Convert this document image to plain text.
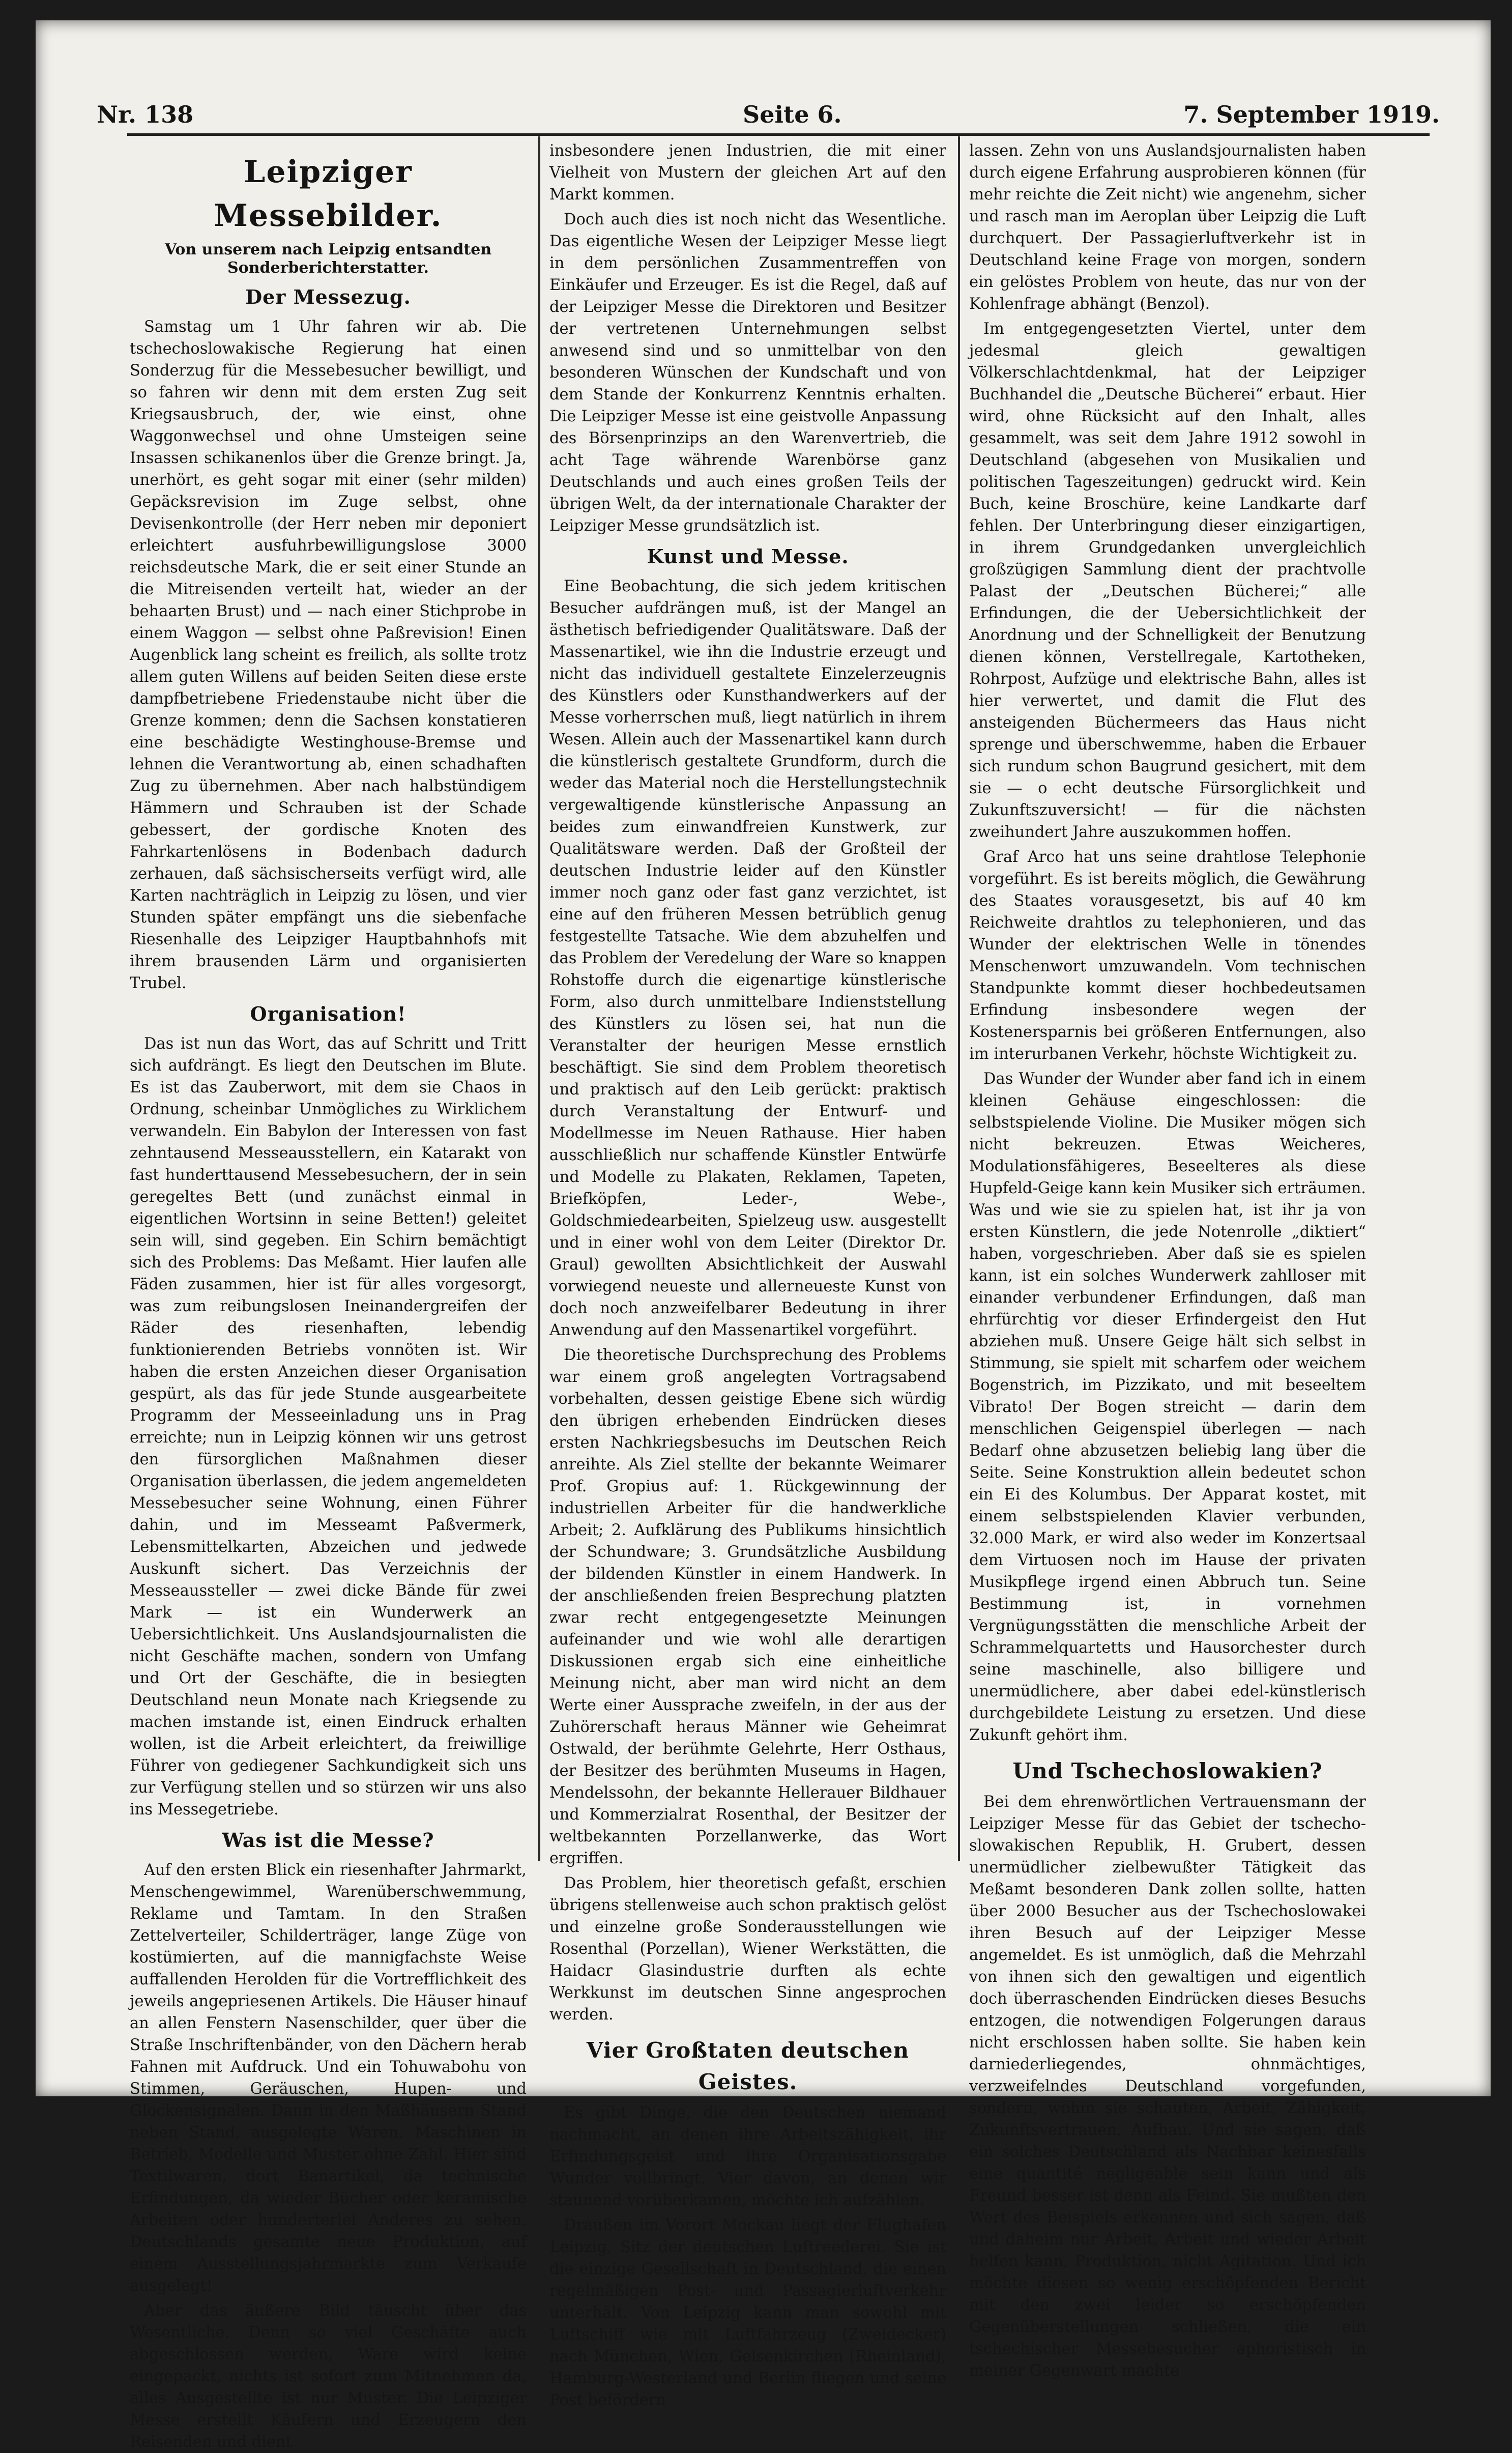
Nr. 138	Seite 6.	7. September 1919.
Leipziger Messebilder.
Von unserem nach Leipzig entsandten Sonderberichterstatter.
Der Messezug.

Samstag um 1 Uhr fahren wir ab. Die tschechoslowakische Regierung hat einen Sonderzug für die Messebesucher bewilligt, und so fahren wir denn mit dem ersten Zug seit Kriegsausbruch, der, wie einst, ohne Waggonwechsel und ohne Umsteigen seine Insassen schikanenlos über die Grenze bringt. Ja, unerhört, es geht sogar mit einer (sehr milden) Gepäcksrevision im Zuge selbst, ohne Devisenkontrolle (der Herr neben mir deponiert erleichtert ausfuhrbewilligungslose 3000 reichsdeutsche Mark, die er seit einer Stunde an die Mitreisenden verteilt hat, wieder an der behaarten Brust) und — nach einer Stichprobe in einem Waggon — selbst ohne Paßrevision! Einen Augenblick lang scheint es freilich, als sollte trotz allem guten Willens auf beiden Seiten diese erste dampfbetriebene Friedenstaube nicht über die Grenze kommen; denn die Sachsen konstatieren eine beschädigte Westinghouse-Bremse und lehnen die Verantwortung ab, einen schadhaften Zug zu übernehmen. Aber nach halbstündigem Hämmern und Schrauben ist der Schade gebessert, der gordische Knoten des Fahrkartenlösens in Bodenbach dadurch zerhauen, daß sächsischerseits verfügt wird, alle Karten nachträglich in Leipzig zu lösen, und vier Stunden später empfängt uns die siebenfache Riesenhalle des Leipziger Hauptbahnhofs mit ihrem brausenden Lärm und organisierten Trubel.

Organisation!

Das ist nun das Wort, das auf Schritt und Tritt sich aufdrängt. Es liegt den Deutschen im Blute. Es ist das Zauberwort, mit dem sie Chaos in Ordnung, scheinbar Unmögliches zu Wirklichem verwandeln. Ein Babylon der Interessen von fast zehntausend Messeausstellern, ein Katarakt von fast hunderttausend Messebesuchern, der in sein geregeltes Bett (und zunächst einmal in eigentlichen Wortsinn in seine Betten!) geleitet sein will, sind gegeben. Ein Schirn bemächtigt sich des Problems: Das Meßamt. Hier laufen alle Fäden zusammen, hier ist für alles vorgesorgt, was zum reibungslosen Ineinandergreifen der Räder des riesenhaften, lebendig funktionierenden Betriebs vonnöten ist. Wir haben die ersten Anzeichen dieser Organisation gespürt, als das für jede Stunde ausgearbeitete Programm der Messeeinladung uns in Prag erreichte; nun in Leipzig können wir uns getrost den fürsorglichen Maßnahmen dieser Organisation überlassen, die jedem angemeldeten Messebesucher seine Wohnung, einen Führer dahin, und im Messeamt Paßvermerk, Lebensmittelkarten, Abzeichen und jedwede Auskunft sichert. Das Verzeichnis der Messeaussteller — zwei dicke Bände für zwei Mark — ist ein Wunderwerk an Uebersichtlichkeit. Uns Auslandsjournalisten die nicht Geschäfte machen, sondern von Umfang und Ort der Geschäfte, die in besiegten Deutschland neun Monate nach Kriegsende zu machen imstande ist, einen Eindruck erhalten wollen, ist die Arbeit erleichtert, da freiwillige Führer von gediegener Sachkundigkeit sich uns zur Verfügung stellen und so stürzen wir uns also ins Messegetriebe.

Was ist die Messe?

Auf den ersten Blick ein riesenhafter Jahrmarkt, Menschengewimmel, Warenüberschwemmung, Reklame und Tamtam. In den Straßen Zettelverteiler, Schilderträger, lange Züge von kostümierten, auf die mannigfachste Weise auffallenden Herolden für die Vortrefflichkeit des jeweils angepriesenen Artikels. Die Häuser hinauf an allen Fenstern Nasenschilder, quer über die Straße Inschriftenbänder, von den Dächern herab Fahnen mit Aufdruck. Und ein Tohuwabohu von Stimmen, Geräuschen, Hupen- und Glockensignalen. Dann in den Maßhäusern Stand neben Stand, ausgelegte Waren, Maschinen in Betrieb, Modelle und Muster ohne Zahl. Hier sind Textilwaren, dort Banartikel, da technische Erfindungen, da wieder Bücher oder keramische Arbeiten oder hunderterlei Anderes zu sehen. Deutschlands gesamte neue Produktion, auf einem Ausstellungsjahrmarkte zum Verkaufe ausgelegt!

Aber das äußere Bild täuscht über das Wesentliche. Denn so viel Geschäfte auch abgeschlossen werden, Ware wird keine eingepackt, nichts ist sofort zum Mitnehmen da, alles Ausgestellte ist nur Muster. Die Leipziger Messe erstellt Käufern und Erzeugern den Reisenden und dient

insbesondere jenen Industrien, die mit einer Vielheit von Mustern der gleichen Art auf den Markt kommen.

Doch auch dies ist noch nicht das Wesentliche. Das eigentliche Wesen der Leipziger Messe liegt in dem persönlichen Zusammentreffen von Einkäufer und Erzeuger. Es ist die Regel, daß auf der Leipziger Messe die Direktoren und Besitzer der vertretenen Unternehmungen selbst anwesend sind und so unmittelbar von den besonderen Wünschen der Kundschaft und von dem Stande der Konkurrenz Kenntnis erhalten. Die Leipziger Messe ist eine geistvolle Anpassung des Börsenprinzips an den Warenvertrieb, die acht Tage währende Warenbörse ganz Deutschlands und auch eines großen Teils der übrigen Welt, da der internationale Charakter der Leipziger Messe grundsätzlich ist.

Kunst und Messe.

Eine Beobachtung, die sich jedem kritischen Besucher aufdrängen muß, ist der Mangel an ästhetisch befriedigender Qualitätsware. Daß der Massenartikel, wie ihn die Industrie erzeugt und nicht das individuell gestaltete Einzelerzeugnis des Künstlers oder Kunsthandwerkers auf der Messe vorherrschen muß, liegt natürlich in ihrem Wesen. Allein auch der Massenartikel kann durch die künstlerisch gestaltete Grundform, durch die weder das Material noch die Herstellungstechnik vergewaltigende künstlerische Anpassung an beides zum einwandfreien Kunstwerk, zur Qualitätsware werden. Daß der Großteil der deutschen Industrie leider auf den Künstler immer noch ganz oder fast ganz verzichtet, ist eine auf den früheren Messen betrüblich genug festgestellte Tatsache. Wie dem abzuhelfen und das Problem der Veredelung der Ware so knappen Rohstoffe durch die eigenartige künstlerische Form, also durch unmittelbare Indienststellung des Künstlers zu lösen sei, hat nun die Veranstalter der heurigen Messe ernstlich beschäftigt. Sie sind dem Problem theoretisch und praktisch auf den Leib gerückt: praktisch durch Veranstaltung der Entwurf- und Modellmesse im Neuen Rathause. Hier haben ausschließlich nur schaffende Künstler Entwürfe und Modelle zu Plakaten, Reklamen, Tapeten, Briefköpfen, Leder-, Webe-, Goldschmiedearbeiten, Spielzeug usw. ausgestellt und in einer wohl von dem Leiter (Direktor Dr. Graul) gewollten Absichtlichkeit der Auswahl vorwiegend neueste und allerneueste Kunst von doch noch anzweifelbarer Bedeutung in ihrer Anwendung auf den Massenartikel vorgeführt.

Die theoretische Durchsprechung des Problems war einem groß angelegten Vortragsabend vorbehalten, dessen geistige Ebene sich würdig den übrigen erhebenden Eindrücken dieses ersten Nachkriegsbesuchs im Deutschen Reich anreihte. Als Ziel stellte der bekannte Weimarer Prof. Gropius auf: 1. Rückgewinnung der industriellen Arbeiter für die handwerkliche Arbeit; 2. Aufklärung des Publikums hinsichtlich der Schundware; 3. Grundsätzliche Ausbildung der bildenden Künstler in einem Handwerk. In der anschließenden freien Besprechung platzten zwar recht entgegengesetzte Meinungen aufeinander und wie wohl alle derartigen Diskussionen ergab sich eine einheitliche Meinung nicht, aber man wird nicht an dem Werte einer Aussprache zweifeln, in der aus der Zuhörerschaft heraus Männer wie Geheimrat Ostwald, der berühmte Gelehrte, Herr Osthaus, der Besitzer des berühmten Museums in Hagen, Mendelssohn, der bekannte Hellerauer Bildhauer und Kommerzialrat Rosenthal, der Besitzer der weltbekannten Porzellanwerke, das Wort ergriffen.

Das Problem, hier theoretisch gefaßt, erschien übrigens stellenweise auch schon praktisch gelöst und einzelne große Sonderausstellungen wie Rosenthal (Porzellan), Wiener Werkstätten, die Haidacr Glasindustrie durften als echte Werkkunst im deutschen Sinne angesprochen werden.

Vier Großtaten deutschen Geistes.

Es gibt Dinge, die den Deutschen niemand nachmacht, an denen ihre Arbeitszähigkeit, ihr Erfindungsgeist und ihre Organisationsgabe Wunder vollbringt. Vier davon, an denen wir staunend vorüberkamen, möchte ich aufzählen.

Draußen im Vorort Mockau liegt der Flughafen Leipzig, Sitz der deutschen Luftreederei. Sie ist die einzige Gesellschaft in Deutschland, die einen regelmäßigen Post- und Passagierluftverkehr unterhält. Von Leipzig kann man sowohl mit Luftschiff wie mit Luftfahrzeug (Zweidecker) nach München, Wien, Gelsenkirchen (Rheinland), Hamburg-Westerland und Berlin fliegen und seine Post befördern

lassen. Zehn von uns Auslandsjournalisten haben durch eigene Erfahrung ausprobieren können (für mehr reichte die Zeit nicht) wie angenehm, sicher und rasch man im Aeroplan über Leipzig die Luft durchquert. Der Passagierluftverkehr ist in Deutschland keine Frage von morgen, sondern ein gelöstes Problem von heute, das nur von der Kohlenfrage abhängt (Benzol).

Im entgegengesetzten Viertel, unter dem jedesmal gleich gewaltigen Völkerschlachtdenkmal, hat der Leipziger Buchhandel die „Deutsche Bücherei“ erbaut. Hier wird, ohne Rücksicht auf den Inhalt, alles gesammelt, was seit dem Jahre 1912 sowohl in Deutschland (abgesehen von Musikalien und politischen Tageszeitungen) gedruckt wird. Kein Buch, keine Broschüre, keine Landkarte darf fehlen. Der Unterbringung dieser einzigartigen, in ihrem Grundgedanken unvergleichlich großzügigen Sammlung dient der prachtvolle Palast der „Deutschen Bücherei;“ alle Erfindungen, die der Uebersichtlichkeit der Anordnung und der Schnelligkeit der Benutzung dienen können, Verstellregale, Kartotheken, Rohrpost, Aufzüge und elektrische Bahn, alles ist hier verwertet, und damit die Flut des ansteigenden Büchermeers das Haus nicht sprenge und überschwemme, haben die Erbauer sich rundum schon Baugrund gesichert, mit dem sie — o echt deutsche Fürsorglichkeit und Zukunftszuversicht! — für die nächsten zweihundert Jahre auszukommen hoffen.

Graf Arco hat uns seine drahtlose Telephonie vorgeführt. Es ist bereits möglich, die Gewährung des Staates vorausgesetzt, bis auf 40 km Reichweite drahtlos zu telephonieren, und das Wunder der elektrischen Welle in tönendes Menschenwort umzuwandeln. Vom technischen Standpunkte kommt dieser hochbedeutsamen Erfindung insbesondere wegen der Kostenersparnis bei größeren Entfernungen, also im interurbanen Verkehr, höchste Wichtigkeit zu.

Das Wunder der Wunder aber fand ich in einem kleinen Gehäuse eingeschlossen: die selbstspielende Violine. Die Musiker mögen sich nicht bekreuzen. Etwas Weicheres, Modulationsfähigeres, Beseelteres als diese Hupfeld-Geige kann kein Musiker sich erträumen. Was und wie sie zu spielen hat, ist ihr ja von ersten Künstlern, die jede Notenrolle „diktiert“ haben, vorgeschrieben. Aber daß sie es spielen kann, ist ein solches Wunderwerk zahlloser mit einander verbundener Erfindungen, daß man ehrfürchtig vor dieser Erfindergeist den Hut abziehen muß. Unsere Geige hält sich selbst in Stimmung, sie spielt mit scharfem oder weichem Bogenstrich, im Pizzikato, und mit beseeltem Vibrato! Der Bogen streicht — darin dem menschlichen Geigenspiel überlegen — nach Bedarf ohne abzusetzen beliebig lang über die Seite. Seine Konstruktion allein bedeutet schon ein Ei des Kolumbus. Der Apparat kostet, mit einem selbstspielenden Klavier verbunden, 32.000 Mark, er wird also weder im Konzertsaal dem Virtuosen noch im Hause der privaten Musikpflege irgend einen Abbruch tun. Seine Bestimmung ist, in vornehmen Vergnügungsstätten die menschliche Arbeit der Schrammelquartetts und Hausorchester durch seine maschinelle, also billigere und unermüdlichere, aber dabei edel-künstlerisch durchgebildete Leistung zu ersetzen. Und diese Zukunft gehört ihm.

Und Tschechoslowakien?

Bei dem ehrenwörtlichen Vertrauensmann der Leipziger Messe für das Gebiet der tschecho-slowakischen Republik, H. Grubert, dessen unermüdlicher zielbewußter Tätigkeit das Meßamt besonderen Dank zollen sollte, hatten über 2000 Besucher aus der Tschechoslowakei ihren Besuch auf der Leipziger Messe angemeldet. Es ist unmöglich, daß die Mehrzahl von ihnen sich den gewaltigen und eigentlich doch überraschenden Eindrücken dieses Besuchs entzogen, die notwendigen Folgerungen daraus nicht erschlossen haben sollte. Sie haben kein darniederliegendes, ohnmächtiges, verzweifelndes Deutschland vorgefunden, sondern, wohin sie schauten, Arbeit, Zähigkeit, Zukunftsvertrauen, Aufbau. Und sie sagen, daß ein solches Deutschland als Nachbar keinesfalls eine quantité negligeable sein kann und als Freund besser ist denn als Feind. Sie mußten den Wert des Beispiels erkennen und sich sagen, daß und daheim nur Arbeit, Arbeit und wieder Arbeit helfen kann, Produktion, nicht Agitation. Und ich möchte diesen so wenig erschöpfenden Bericht mit den zwei leider so erschöpfenden Gegenüberstellungen schließen, die ein tschechischer Messebesucher aphoristisch in meiner Gegenwart machte
